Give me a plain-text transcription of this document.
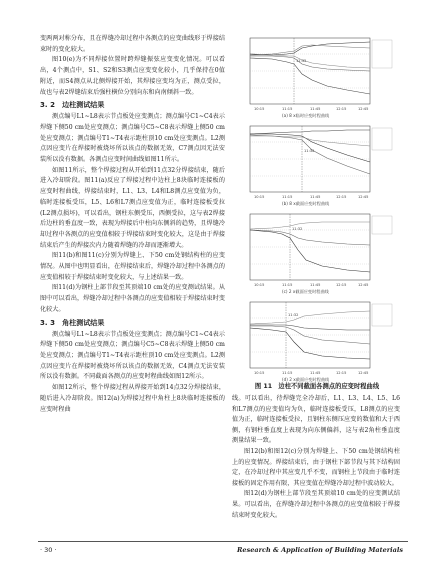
变两两对称分布，且在焊缝冷却过程中各测点的应变曲线形于焊接结束时的变化较大。

图10(e)为不同焊接位置时跨焊缝振弦应变变化情况。可以看出，4个测点中，S1、S2和S3测点应变变化较小，几乎保持在0值附近，而S4测点从北侧焊接开始，其焊接应变均为正，测点受拉，故也与表2焊缝结束后强柱横位分别向东和向南倾斜一致。

3. 2　边柱测试结果

测点编号L1~L8表示节点板处应变测点；测点编号C1~C4表示焊缝下侧50 cm处应变测点；测点编号C5~C8表示焊缝上侧50 cm处应变测点；测点编号T1~T4表示距柱顶10 cm处应变测点。L2测点因应变片在焊接时被烧坏所以该点的数据无效，C7测点因无法安装所以没有数据。各测点应变时间曲线如图11所示。

如图11所示，整个焊接过程从开始到11点32分焊接结束，随后进入冷却阶段。图11(a)反应了焊接过程中边柱上8块临时连接板的应变时程曲线，焊接结束时，L1、L3、L4和L8测点应变值为负，临时连接板受压，L5、L6和L7测点应变值为正，临时连接板受拉(L2测点损坏)，可以看出，钢柱东侧受压，西侧受拉，这与表2焊接后边柱的垂直度一致，表现为焊接后中柱向东侧斜的趋势，且焊缝冷却过程中各测点的应变值相较于焊接结束时变化较大，这是由于焊接结束后产生的焊接次内力随着焊缝的冷却而逐渐增大。

图11(b)和图11(c)分别为焊缝上、下50 cm处钢结构柱的应变情况。从图中也明显看出，在焊接结束后，焊缝冷却过程中各测点的应变值相较于焊接结束时变化较大，与上述结果一致。

图11(d)为钢柱上部节段至其顶端10 cm处的应变测试结果。从图中可以看出，焊缝冷却过程中各测点的应变值相较于焊接结束时变化较大。

3. 3　角柱测试结果

测点编号L1~L8表示节点板处应变测点；测点编号C1~C4表示焊缝下侧50 cm处应变测点；测点编号C5~C8表示焊缝上侧50 cm处应变测点；测点编号T1~T4表示距柱顶10 cm处应变测点。L2测点因应变片在焊接时被烧坏所以该点的数据无效，C4测点无法安装所以没有数据。不同截面各测点的应变时程曲线如图12所示。

如图12所示，整个焊接过程从焊接开始到14点32分焊接结束，随后进入冷却阶段。图12(a)为焊接过程中角柱上8块临时连接板的应变时程曲

11:32
10:15	11:15	11:45	12:15	12:45
(a) 8 x临时应变时程曲线
11:32
10:15	11:15	11:45	12:15	12:45
(b) 8 x截面应变时程曲线
11:32
10:15	11:15	11:45	12:15	12:45
(c) 2 x截面应变时程曲线
11:32
10:15	11:15	11:45	12:15	12:45
(d) 2 x截面应变时程曲线
图 11　边柱不同截面各测点的应变时程曲线

线。可以看出，待焊缝完全冷却后，L1、L3、L4、L5、L6和L7测点的应变值均为负，临时连接板受压，L8测点的应变值为正，临时连接板受拉，且钢柱东侧压应变的数值和大于西侧，有钢柱垂直度上表现为向东侧偏斜，这与表2角柱垂直度测量结果一致。

图12(b)和图12(c)分别为焊缝上、下50 cm处钢结构柱上的应变情况。焊接结束后，由于钢柱下部节段与其下结构固定，在冷却过程中其应变几乎不变，而钢柱上节段由于临时连接板的固定作用有限，其应变值在焊缝冷却过程中波动较大。

图12(d)为钢柱上部节段至其顶端10 cm处的应变测试结果。可以看出，在焊缝冷却过程中各测点的应变值相较于焊接结束时变化较大。

· 30 ·	Research & Application of Building Materials
